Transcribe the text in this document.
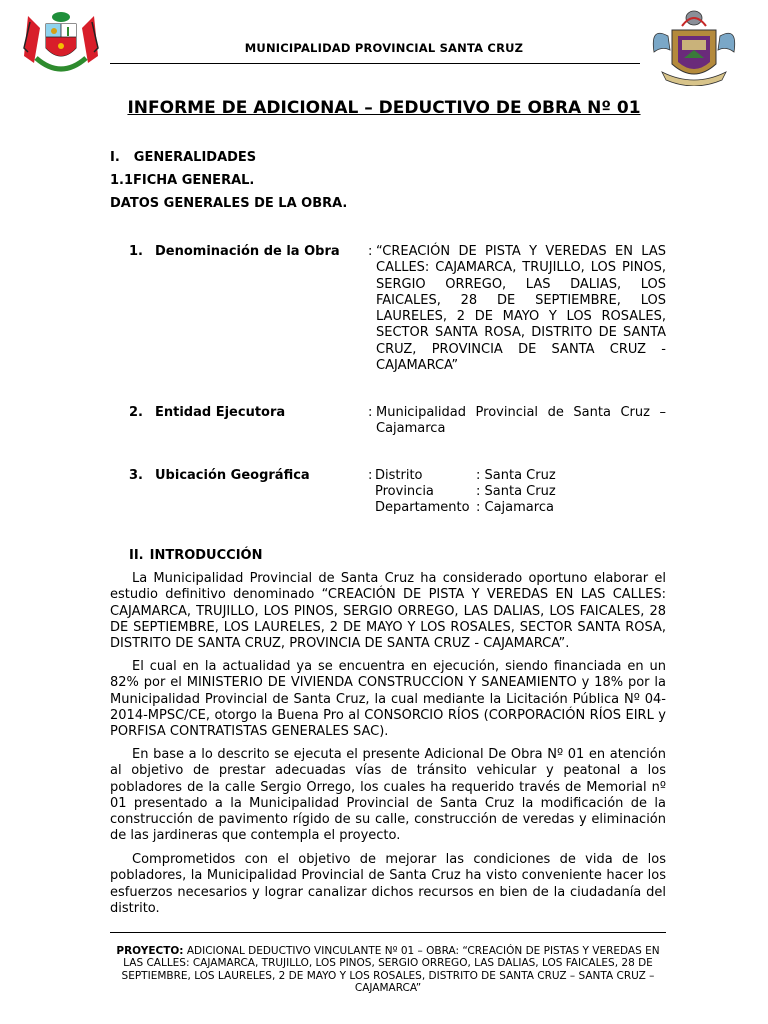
MUNICIPALIDAD PROVINCIAL SANTA CRUZ
INFORME DE ADICIONAL – DEDUCTIVO DE OBRA Nº 01
I. GENERALIDADES
1.1FICHA GENERAL.
DATOS GENERALES DE LA OBRA.
1. Denominación de la Obra : “CREACIÓN DE PISTA Y VEREDAS EN LAS
CALLES: CAJAMARCA, TRUJILLO, LOS PINOS,
SERGIO ORREGO, LAS DALIAS, LOS
FAICALES, 28 DE SEPTIEMBRE, LOS
LAURELES, 2 DE MAYO Y LOS ROSALES,
SECTOR SANTA ROSA, DISTRITO DE SANTA
CRUZ, PROVINCIA DE SANTA CRUZ -
CAJAMARCA”
2. Entidad Ejecutora	: Municipalidad Provincial de Santa Cruz –
Cajamarca
3. Ubicación Geográfica	: Distrito	: Santa Cruz
Provincia	: Santa Cruz
Departamento : Cajamarca
II. INTRODUCCIÓN
La Municipalidad Provincial de Santa Cruz ha considerado oportuno elaborar el
estudio definitivo denominado “CREACIÓN DE PISTA Y VEREDAS EN LAS CALLES:
CAJAMARCA, TRUJILLO, LOS PINOS, SERGIO ORREGO, LAS DALIAS, LOS FAICALES, 28
DE SEPTIEMBRE, LOS LAURELES, 2 DE MAYO Y LOS ROSALES, SECTOR SANTA ROSA,
DISTRITO DE SANTA CRUZ, PROVINCIA DE SANTA CRUZ - CAJAMARCA”.
El cual en la actualidad ya se encuentra en ejecución, siendo financiada en un
82% por el MINISTERIO DE VIVIENDA CONSTRUCCION Y SANEAMIENTO y 18% por la
Municipalidad Provincial de Santa Cruz, la cual mediante la Licitación Pública Nº 04-
2014-MPSC/CE, otorgo la Buena Pro al CONSORCIO RÍOS (CORPORACIÓN RÍOS EIRL y
PORFISA CONTRATISTAS GENERALES SAC).
En base a lo descrito se ejecuta el presente Adicional De Obra Nº 01 en atención
al objetivo de prestar adecuadas vías de tránsito vehicular y peatonal a los
pobladores de la calle Sergio Orrego, los cuales ha requerido través de Memorial nº
01 presentado a la Municipalidad Provincial de Santa Cruz la modificación de la
construcción de pavimento rígido de su calle, construcción de veredas y eliminación
de las jardineras que contempla el proyecto.
Comprometidos con el objetivo de mejorar las condiciones de vida de los
pobladores, la Municipalidad Provincial de Santa Cruz ha visto conveniente hacer los
esfuerzos necesarios y lograr canalizar dichos recursos en bien de la ciudadanía del
distrito.
PROYECTO: ADICIONAL DEDUCTIVO VINCULANTE Nº 01 – OBRA: “CREACIÓN DE PISTAS Y VEREDAS EN LAS CALLES: CAJAMARCA, TRUJILLO, LOS PINOS, SERGIO ORREGO, LAS DALIAS, LOS FAICALES, 28 DE SEPTIEMBRE, LOS LAURELES, 2 DE MAYO Y LOS ROSALES, DISTRITO DE SANTA CRUZ – SANTA CRUZ – CAJAMARCA”
